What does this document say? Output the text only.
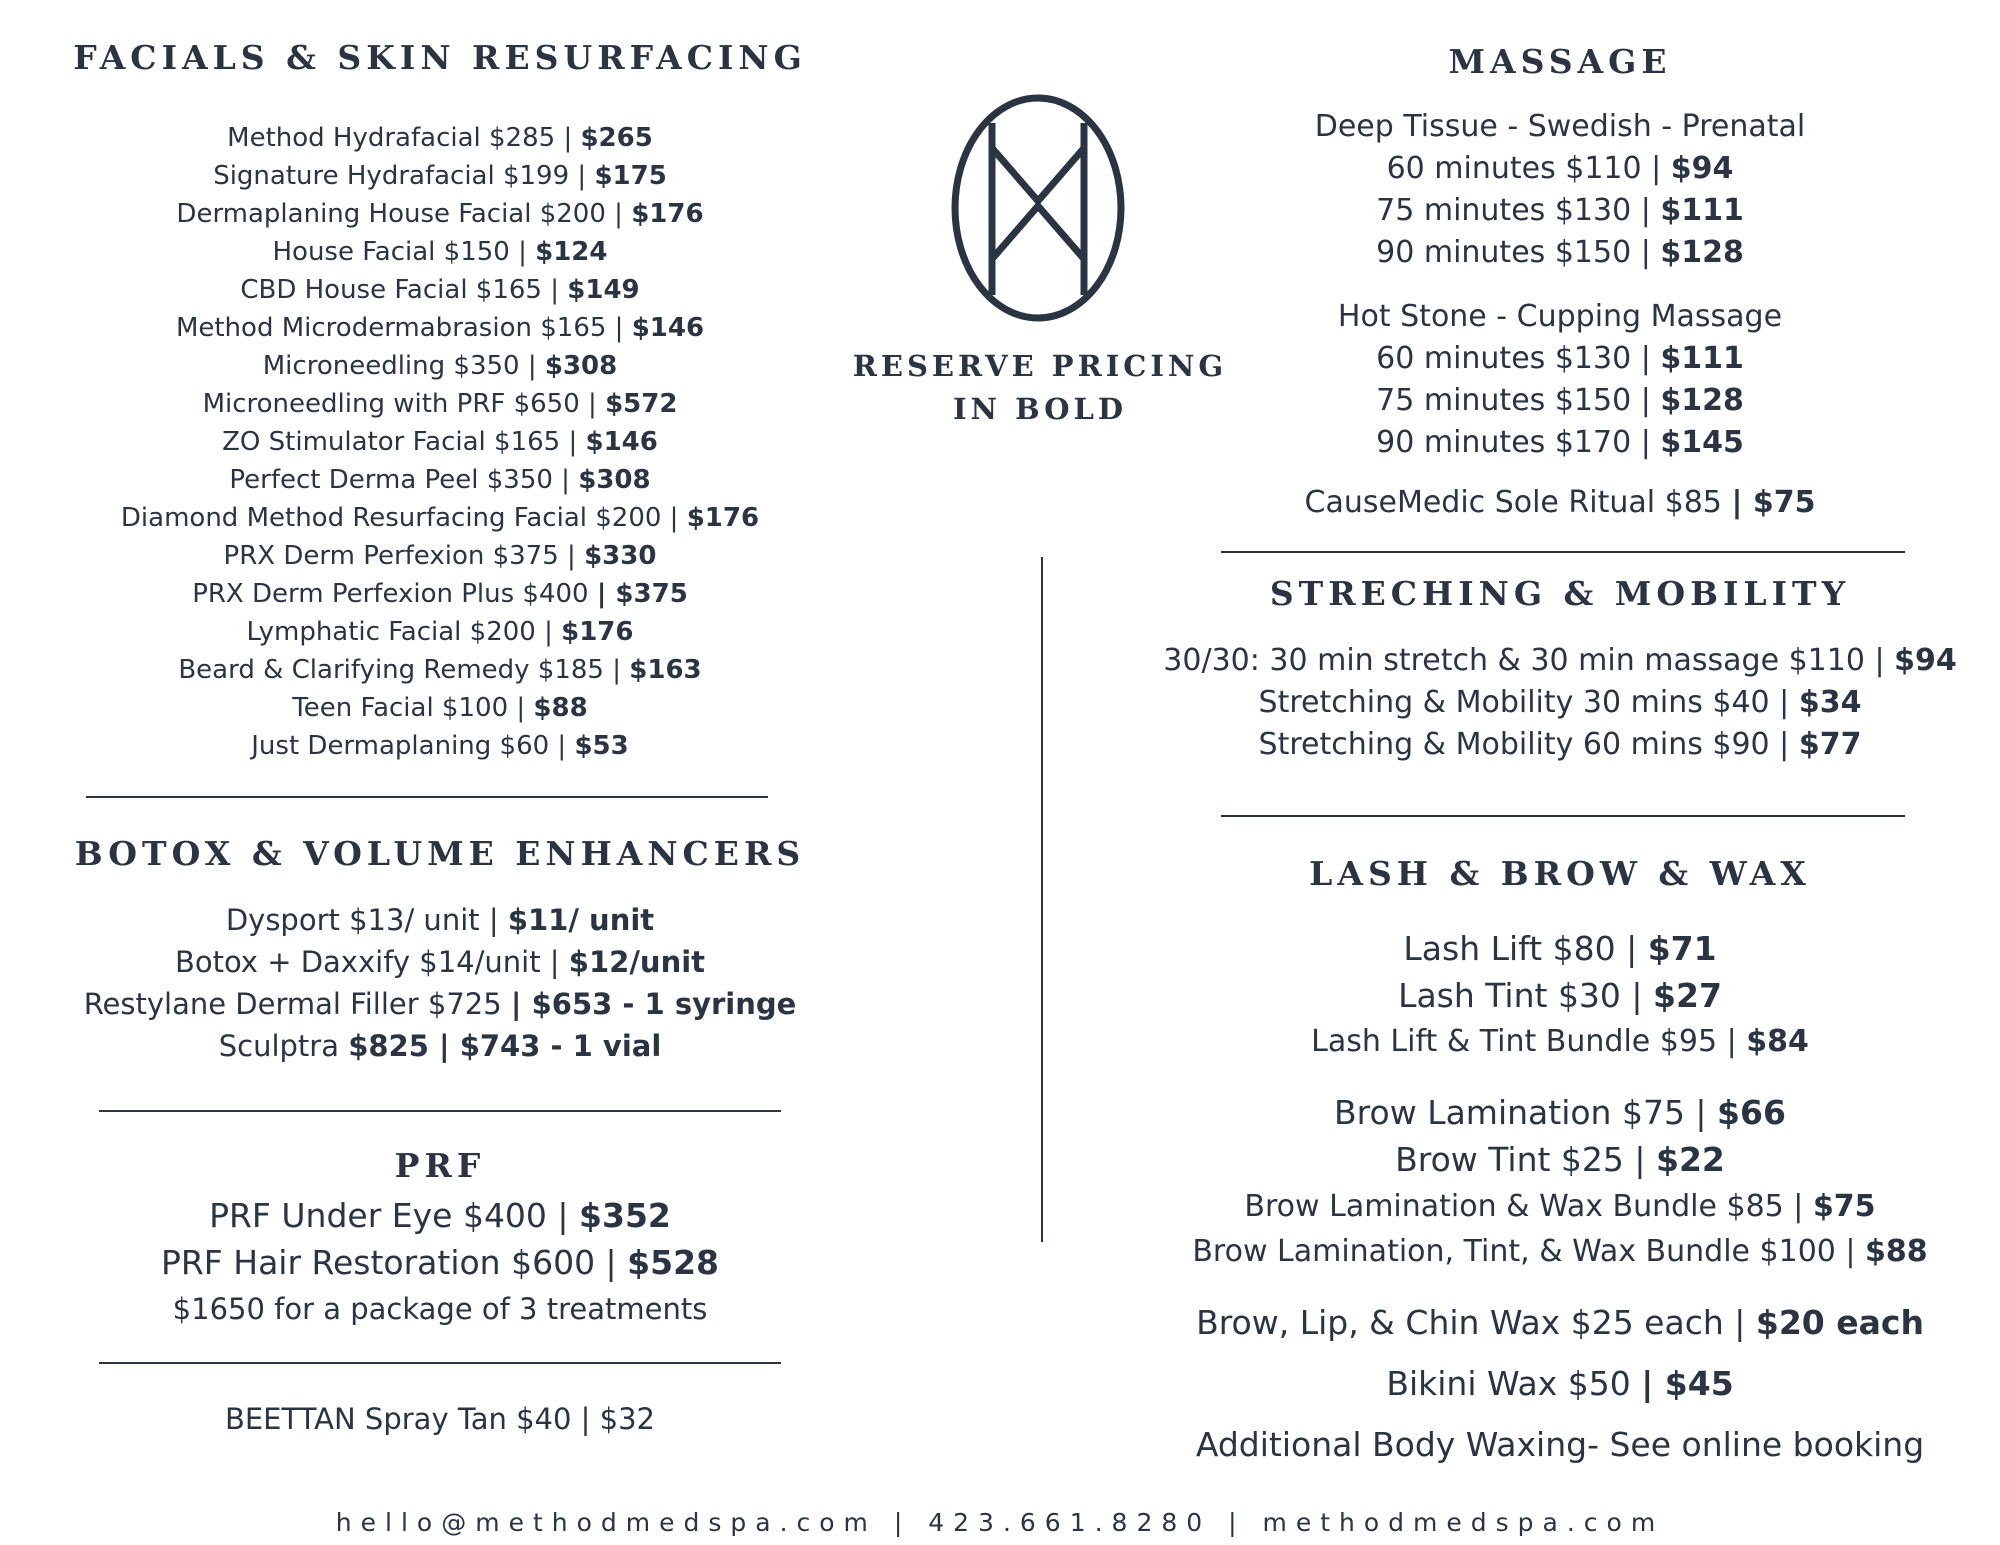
FACIALS & SKIN RESURFACING
Method Hydrafacial $285 | $265
Signature Hydrafacial $199 | $175
Dermaplaning House Facial $200 | $176
House Facial $150 | $124
CBD House Facial $165 | $149
Method Microdermabrasion $165 | $146
Microneedling $350 | $308
Microneedling with PRF $650 | $572
ZO Stimulator Facial $165 | $146
Perfect Derma Peel $350 | $308
Diamond Method Resurfacing Facial $200 | $176
PRX Derm Perfexion $375 | $330
PRX Derm Perfexion Plus $400 | $375
Lymphatic Facial $200 | $176
Beard & Clarifying Remedy $185 | $163
Teen Facial $100 | $88
Just Dermaplaning $60 | $53
BOTOX & VOLUME ENHANCERS
Dysport $13/ unit | $11/ unit
Botox + Daxxify $14/unit | $12/unit
Restylane Dermal Filler $725 | $653 - 1 syringe
Sculptra $825 | $743 - 1 vial
PRF
PRF Under Eye $400 | $352
PRF Hair Restoration $600 | $528
$1650 for a package of 3 treatments
BEETTAN Spray Tan $40 | $32
RESERVE PRICING
IN BOLD
MASSAGE
Deep Tissue - Swedish - Prenatal
60 minutes $110 | $94
75 minutes $130 | $111
90 minutes $150 | $128
Hot Stone - Cupping Massage
60 minutes $130 | $111
75 minutes $150 | $128
90 minutes $170 | $145
CauseMedic Sole Ritual $85 | $75
STRECHING & MOBILITY
30/30: 30 min stretch & 30 min massage $110 | $94
Stretching & Mobility 30 mins $40 | $34
Stretching & Mobility 60 mins $90 | $77
LASH & BROW & WAX
Lash Lift $80 | $71
Lash Tint $30 | $27
Lash Lift & Tint Bundle $95 | $84
Brow Lamination $75 | $66
Brow Tint $25 | $22
Brow Lamination & Wax Bundle $85 | $75
Brow Lamination, Tint, & Wax Bundle $100 | $88
Brow, Lip, & Chin Wax $25 each | $20 each
Bikini Wax $50 | $45
Additional Body Waxing- See online booking
hello@methodmedspa.com | 423.661.8280 | methodmedspa.com
